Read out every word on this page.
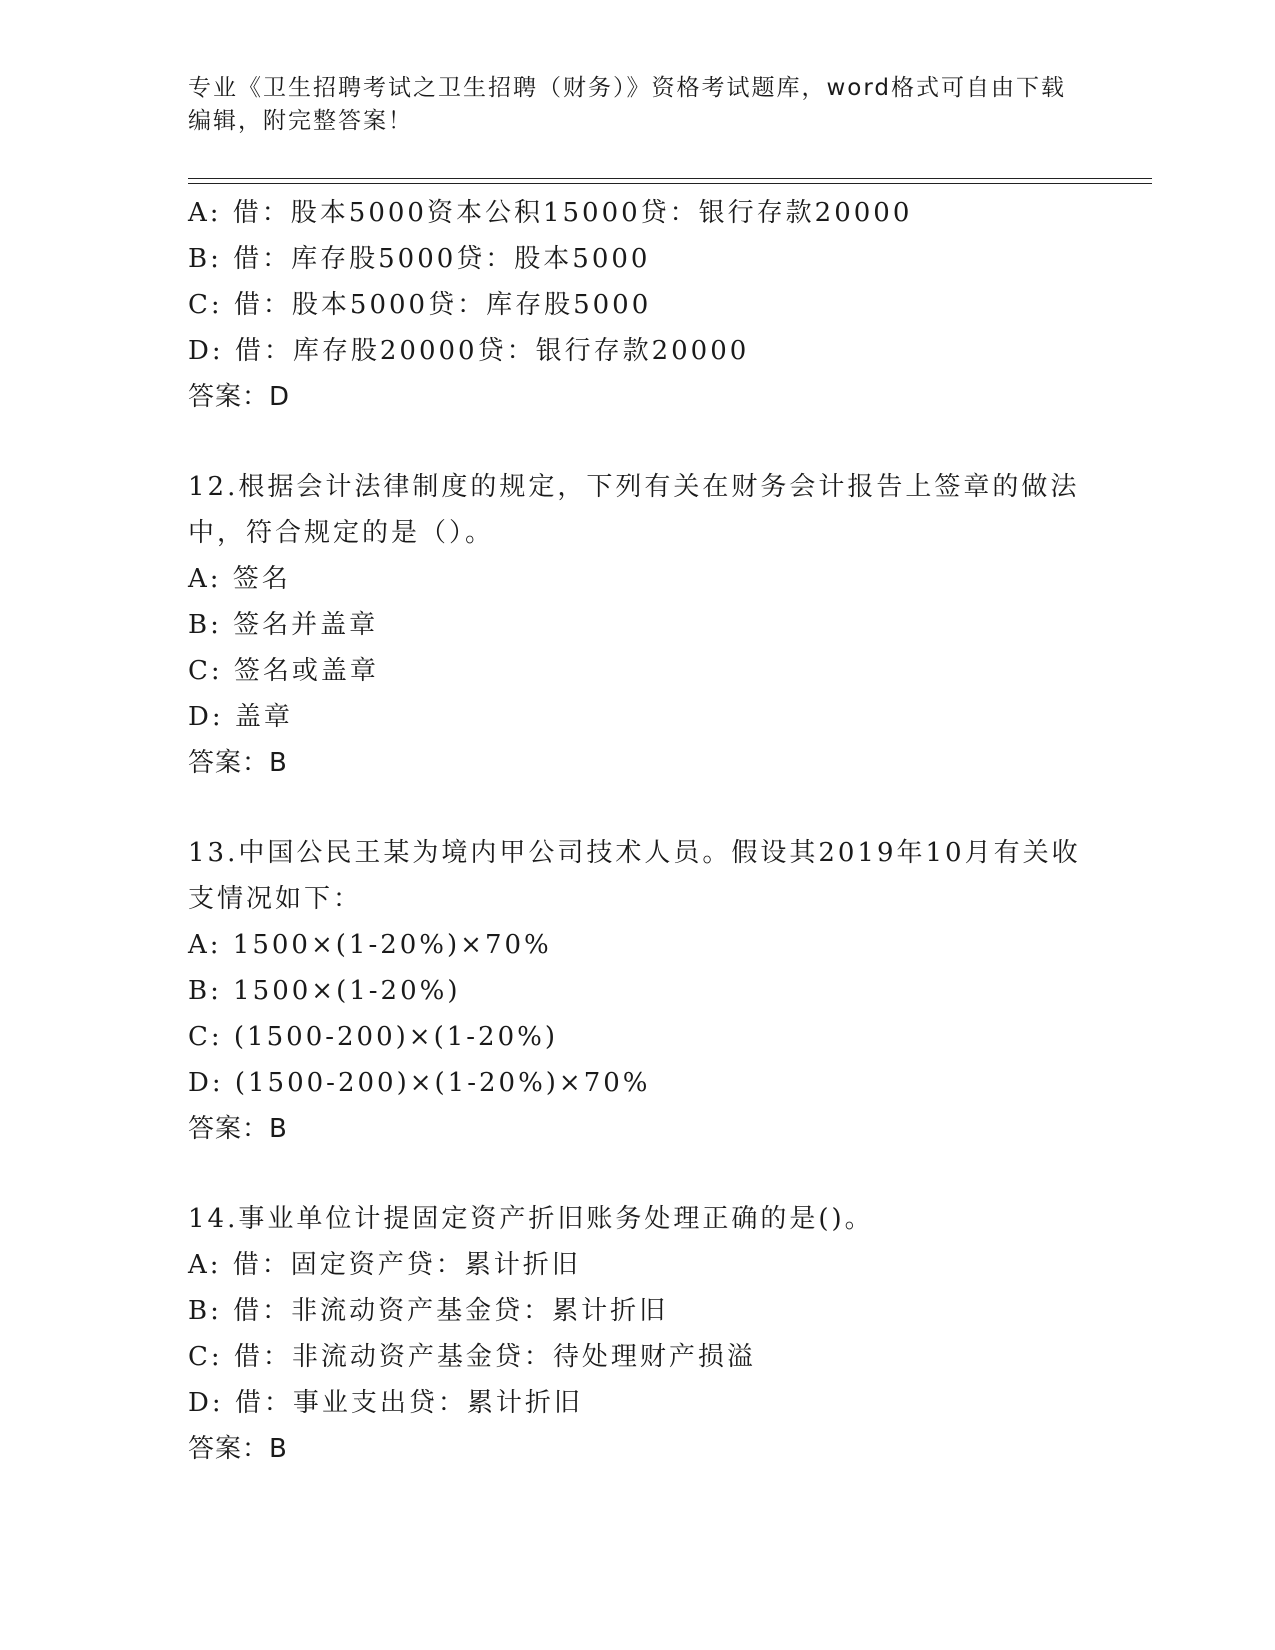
专业《卫生招聘考试之卫生招聘（财务）》资格考试题库，word格式可自由下载
编辑，附完整答案！
A: 借：股本5000资本公积15000贷：银行存款20000
B: 借：库存股5000贷：股本5000
C: 借：股本5000贷：库存股5000
D: 借：库存股20000贷：银行存款20000
答案：D
12.根据会计法律制度的规定，下列有关在财务会计报告上签章的做法
中，符合规定的是（）。
A: 签名
B: 签名并盖章
C: 签名或盖章
D: 盖章
答案：B
13.中国公民王某为境内甲公司技术人员。假设其2019年10月有关收
支情况如下：
A: 1500×(1-20%)×70%
B: 1500×(1-20%)
C: (1500-200)×(1-20%)
D: (1500-200)×(1-20%)×70%
答案：B
14.事业单位计提固定资产折旧账务处理正确的是()。
A: 借：固定资产贷：累计折旧
B: 借：非流动资产基金贷：累计折旧
C: 借：非流动资产基金贷：待处理财产损溢
D: 借：事业支出贷：累计折旧
答案：B
